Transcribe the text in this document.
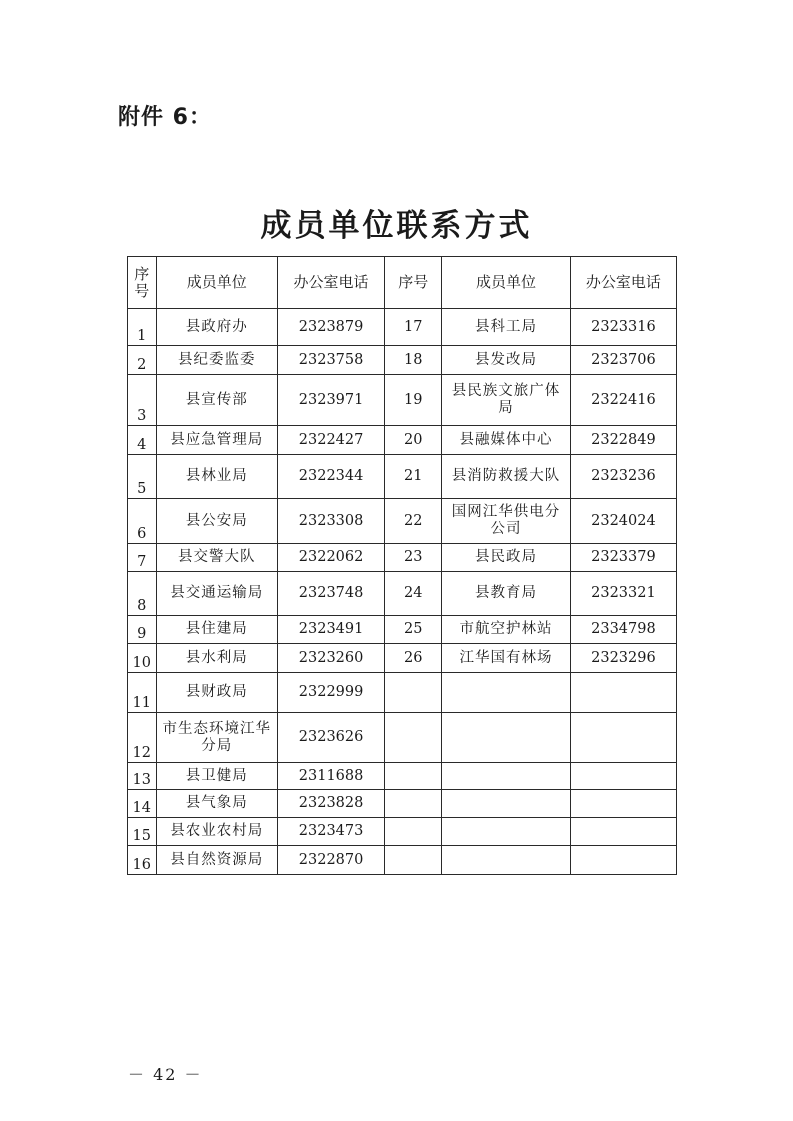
附件 6：
成员单位联系方式
序号	成员单位	办公室电话	序号	成员单位	办公室电话
1	县政府办	2323879	17	县科工局	2323316
2	县纪委监委	2323758	18	县发改局	2323706
3	县宣传部	2323971	19	县民族文旅广体局	2322416
4	县应急管理局	2322427	20	县融媒体中心	2322849
5	县林业局	2322344	21	县消防救援大队	2323236
6	县公安局	2323308	22	国网江华供电分公司	2324024
7	县交警大队	2322062	23	县民政局	2323379
8	县交通运输局	2323748	24	县教育局	2323321
9	县住建局	2323491	25	市航空护林站	2334798
10	县水利局	2323260	26	江华国有林场	2323296
11	县财政局	2322999			
12	市生态环境江华分局	2323626			
13	县卫健局	2311688			
14	县气象局	2323828			
15	县农业农村局	2323473			
16	县自然资源局	2322870			
－ 42 －
